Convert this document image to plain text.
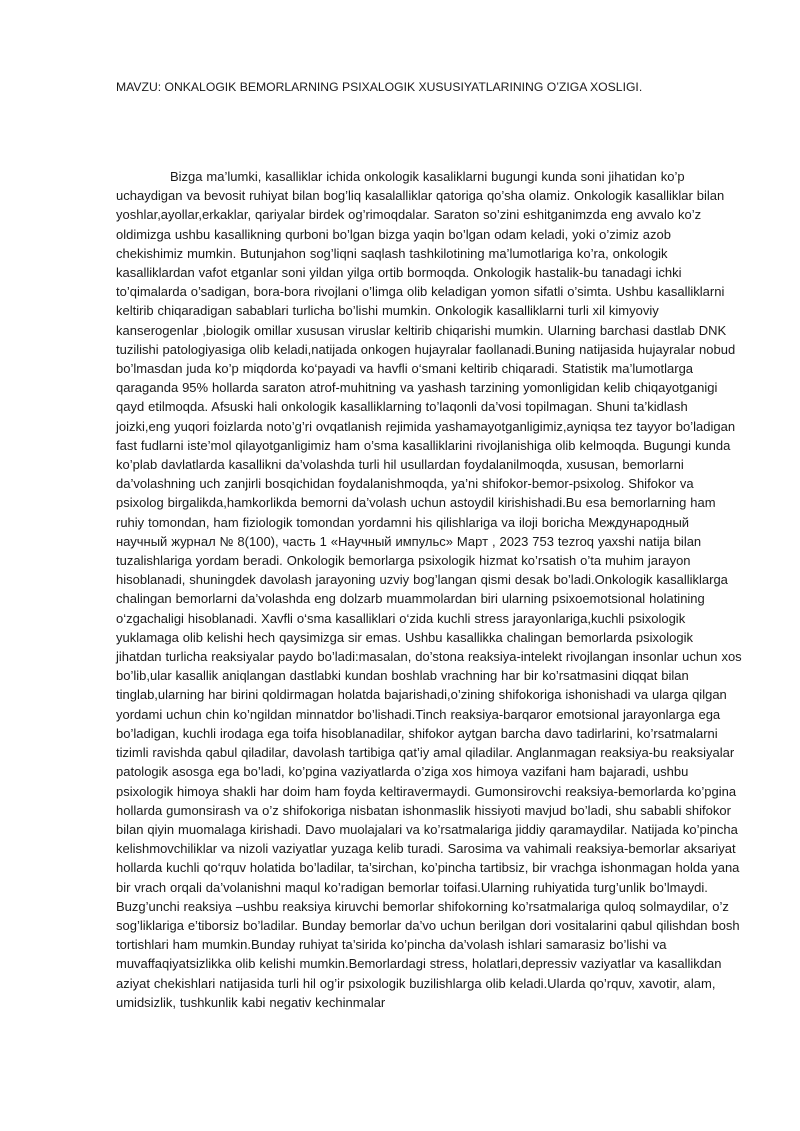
MAVZU: ONKALOGIK BEMORLARNING PSIXALOGIK XUSUSIYATLARINING O’ZIGA XOSLIGI.

Bizga ma’lumki, kasalliklar ichida onkologik kasaliklarni bugungi kunda soni jihatidan ko’p uchaydigan va bevosit ruhiyat bilan bog’liq kasalalliklar qatoriga qo’sha olamiz. Onkologik kasalliklar bilan yoshlar,ayollar,erkaklar, qariyalar birdek og’rimoqdalar. Saraton so’zini eshitganimzda eng avvalo ko’z oldimizga ushbu kasallikning qurboni bo’lgan bizga yaqin bo’lgan odam keladi, yoki o’zimiz azob chekishimiz mumkin. Butunjahon sog’liqni saqlash tashkilotining ma’lumotlariga ko’ra, onkologik kasalliklardan vafot etganlar soni yildan yilga ortib bormoqda. Onkologik hastalik-bu tanadagi ichki to’qimalarda o’sadigan, bora-bora rivojlani o’limga olib keladigan yomon sifatli o’simta. Ushbu kasalliklarni keltirib chiqaradigan sabablari turlicha bo’lishi mumkin. Onkologik kasalliklarni turli xil kimyoviy kanserogenlar ,biologik omillar xususan viruslar keltirib chiqarishi mumkin. Ularning barchasi dastlab DNK tuzilishi patologiyasiga olib keladi,natijada onkogen hujayralar faollanadi.Buning natijasida hujayralar nobud bo’lmasdan juda ko’p miqdorda ko‘payadi va havfli o‘smani keltirib chiqaradi. Statistik ma’lumotlarga qaraganda 95% hollarda saraton atrof-muhitning va yashash tarzining yomonligidan kelib chiqayotganigi qayd etilmoqda. Afsuski hali onkologik kasalliklarning to’laqonli da’vosi topilmagan. Shuni ta’kidlash joizki,eng yuqori foizlarda noto’g’ri ovqatlanish rejimida yashamayotganligimiz,ayniqsa tez tayyor bo’ladigan fast fudlarni iste’mol qilayotganligimiz ham o’sma kasalliklarini rivojlanishiga olib kelmoqda. Bugungi kunda ko’plab davlatlarda kasallikni da’volashda turli hil usullardan foydalanilmoqda, xususan, bemorlarni da’volashning uch zanjirli bosqichidan foydalanishmoqda, ya’ni shifokor-bemor-psixolog. Shifokor va psixolog birgalikda,hamkorlikda bemorni da’volash uchun astoydil kirishishadi.Bu esa bemorlarning ham ruhiy tomondan, ham fiziologik tomondan yordamni his qilishlariga va iloji boricha Международный научный журнал № 8(100), часть 1 «Научный импульс» Март , 2023 753 tezroq yaxshi natija bilan tuzalishlariga yordam beradi. Onkologik bemorlarga psixologik hizmat ko’rsatish o’ta muhim jarayon hisoblanadi, shuningdek davolash jarayoning uzviy bog’langan qismi desak bo’ladi.Onkologik kasalliklarga chalingan bemorlarni da’volashda eng dolzarb muammolardan biri ularning psixoemotsional holatining o‘zgachaligi hisoblanadi. Xavfli o‘sma kasalliklari o‘zida kuchli stress jarayonlariga,kuchli psixologik yuklamaga olib kelishi hech qaysimizga sir emas. Ushbu kasallikka chalingan bemorlarda psixologik jihatdan turlicha reaksiyalar paydo bo’ladi:masalan, do’stona reaksiya-intelekt rivojlangan insonlar uchun xos bo’lib,ular kasallik aniqlangan dastlabki kundan boshlab vrachning har bir ko’rsatmasini diqqat bilan tinglab,ularning har birini qoldirmagan holatda bajarishadi,o’zining shifokoriga ishonishadi va ularga qilgan yordami uchun chin ko’ngildan minnatdor bo’lishadi.Tinch reaksiya-barqaror emotsional jarayonlarga ega bo’ladigan, kuchli irodaga ega toifa hisoblanadilar, shifokor aytgan barcha davo tadirlarini, ko’rsatmalarni tizimli ravishda qabul qiladilar, davolash tartibiga qat’iy amal qiladilar. Anglanmagan reaksiya-bu reaksiyalar patologik asosga ega bo’ladi, ko’pgina vaziyatlarda o’ziga xos himoya vazifani ham bajaradi, ushbu psixologik himoya shakli har doim ham foyda keltiravermaydi. Gumonsirovchi reaksiya-bemorlarda ko’pgina hollarda gumonsirash va o’z shifokoriga nisbatan ishonmaslik hissiyoti mavjud bo’ladi, shu sababli shifokor bilan qiyin muomalaga kirishadi. Davo muolajalari va ko’rsatmalariga jiddiy qaramaydilar. Natijada ko’pincha kelishmovchiliklar va nizoli vaziyatlar yuzaga kelib turadi. Sarosima va vahimali reaksiya-bemorlar aksariyat hollarda kuchli qo‘rquv holatida bo’ladilar, ta’sirchan, ko’pincha tartibsiz, bir vrachga ishonmagan holda yana bir vrach orqali da’volanishni maqul ko’radigan bemorlar toifasi.Ularning ruhiyatida turg’unlik bo’lmaydi. Buzg’unchi reaksiya –ushbu reaksiya kiruvchi bemorlar shifokorning ko’rsatmalariga quloq solmaydilar, o’z sog’liklariga e’tiborsiz bo’ladilar. Bunday bemorlar da’vo uchun berilgan dori vositalarini qabul qilishdan bosh tortishlari ham mumkin.Bunday ruhiyat ta’sirida ko’pincha da’volash ishlari samarasiz bo’lishi va muvaffaqiyatsizlikka olib kelishi mumkin.Bemorlardagi stress, holatlari,depressiv vaziyatlar va kasallikdan aziyat chekishlari natijasida turli hil og’ir psixologik buzilishlarga olib keladi.Ularda qo’rquv, xavotir, alam, umidsizlik, tushkunlik kabi negativ kechinmalar
